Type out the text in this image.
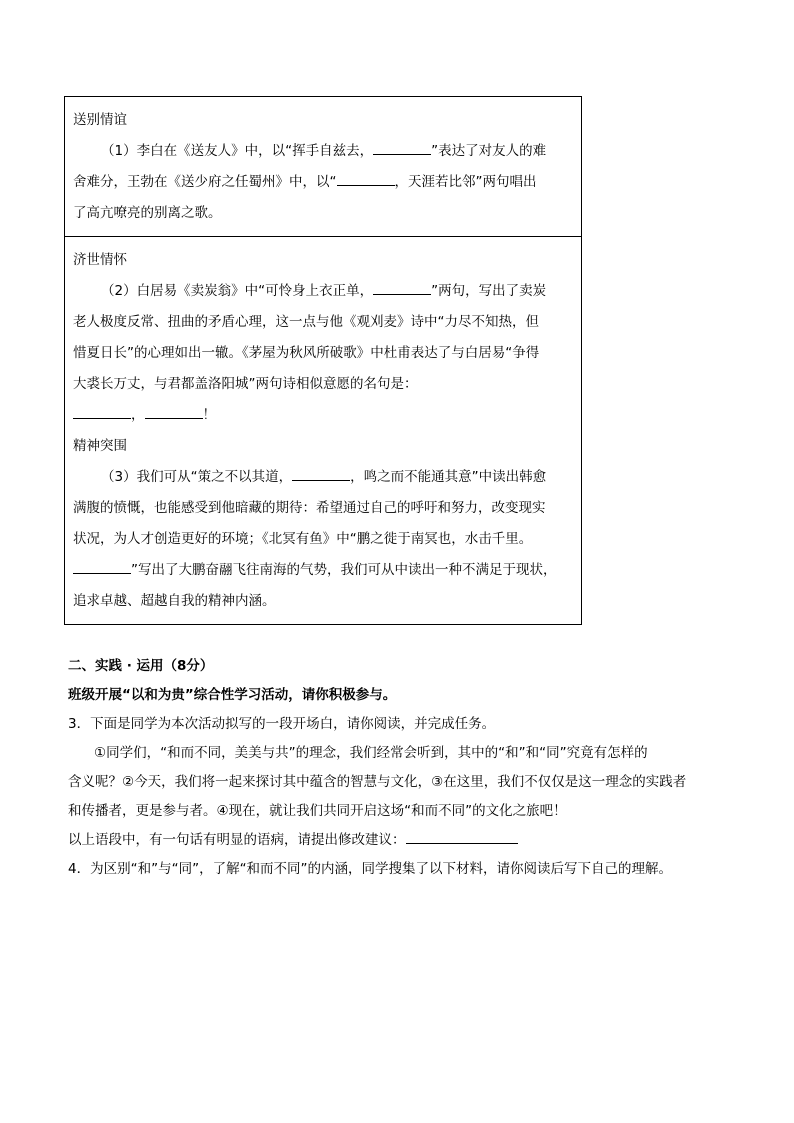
送别情谊
（1）李白在《送友人》中，以“挥手自兹去，	”表达了对友人的难
舍难分，王勃在《送少府之任蜀州》中，以“	，天涯若比邻”两句唱出
了高亢嘹亮的别离之歌。
济世情怀
（2）白居易《卖炭翁》中“可怜身上衣正单，	”两句，写出了卖炭
老人极度反常、扭曲的矛盾心理，这一点与他《观刈麦》诗中“力尽不知热，但
惜夏日长”的心理如出一辙。《茅屋为秋风所破歌》中杜甫表达了与白居易“争得
大裘长万丈，与君都盖洛阳城”两句诗相似意愿的名句是：
，	！
精神突围
（3）我们可从“策之不以其道，	，鸣之而不能通其意”中读出韩愈
满腹的愤慨，也能感受到他暗藏的期待：希望通过自己的呼吁和努力，改变现实
状况，为人才创造更好的环境；《北冥有鱼》中“鹏之徙于南冥也，水击千里。
”写出了大鹏奋翮飞往南海的气势，我们可从中读出一种不满足于现状，
追求卓越、超越自我的精神内涵。
二、实践 · 运用（8分）
班级开展“以和为贵”综合性学习活动，请你积极参与。
3．下面是同学为本次活动拟写的一段开场白，请你阅读，并完成任务。
①同学们，“和而不同，美美与共”的理念，我们经常会听到，其中的“和”和“同”究竟有怎样的
含义呢？②今天，我们将一起来探讨其中蕴含的智慧与文化，③在这里，我们不仅仅是这一理念的实践者
和传播者，更是参与者。④现在，就让我们共同开启这场“和而不同”的文化之旅吧！
以上语段中，有一句话有明显的语病，请提出修改建议：
4．为区别“和”与“同”，了解“和而不同”的内涵，同学搜集了以下材料，请你阅读后写下自己的理解。
